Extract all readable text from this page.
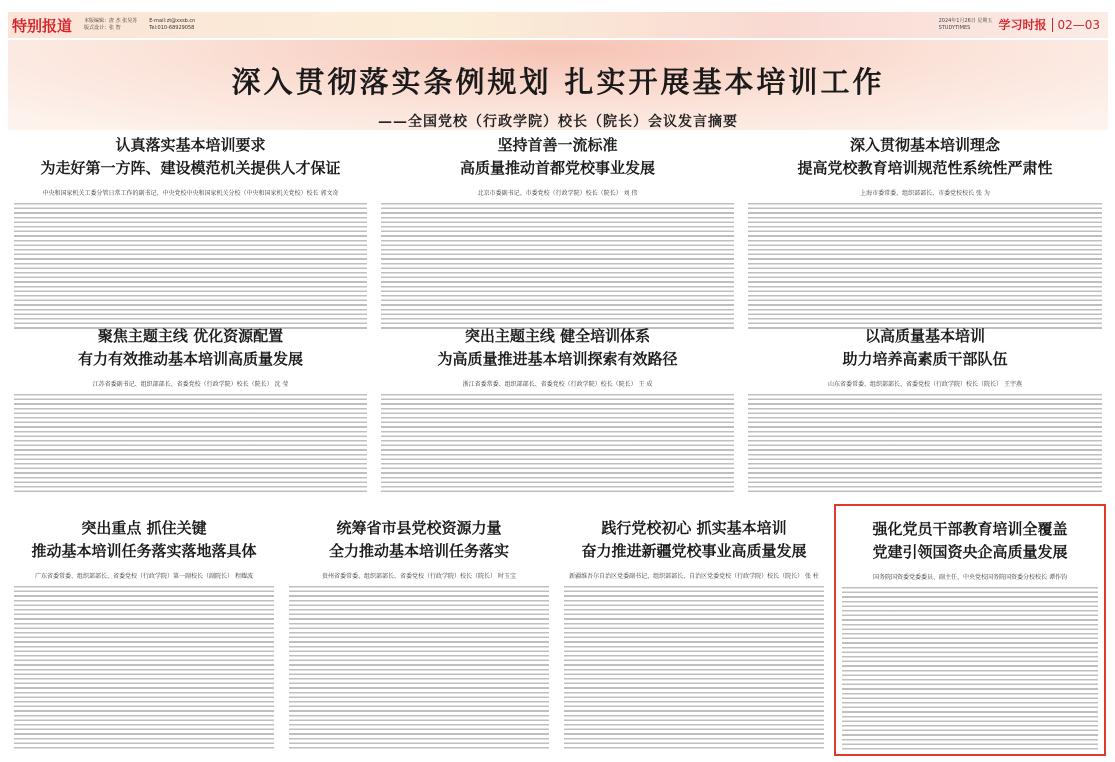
特别报道 本版编辑：唐 杰 张昊苏
版式设计：张 智
E-mail:zt@xxsb.cn
Tel:010-68929058
2024年1月26日 星期五
STUDYTIMES	学习时报 02—03
深入贯彻落实条例规划 扎实开展基本培训工作
——全国党校（行政学院）校长（院长）会议发言摘要
认真落实基本培训要求
为走好第一方阵、建设模范机关提供人才保证
中央和国家机关工委分管日常工作的副书记、中央党校中央和国家机关分校（中央和国家机关党校）校长 郭文奇
坚持首善一流标准
高质量推动首都党校事业发展
北京市委副书记、市委党校（行政学院）校长（院长） 刘 伟
深入贯彻基本培训理念
提高党校教育培训规范性系统性严肃性
上海市委常委、组织部部长、市委党校校长 张 为
聚焦主题主线 优化资源配置
有力有效推动基本培训高质量发展
江苏省委副书记、组织部部长、省委党校（行政学院）校长（院长） 沈 莹
突出主题主线 健全培训体系
为高质量推进基本培训探索有效路径
浙江省委常委、组织部部长、省委党校（行政学院）校长（院长） 王 成
以高质量基本培训
助力培养高素质干部队伍
山东省委常委、组织部部长、省委党校（行政学院）校长（院长） 王宇燕
突出重点 抓住关键
推动基本培训任务落实落地落具体
广东省委常委、组织部部长、省委党校（行政学院）第一副校长（副院长） 程耀波
统筹省市县党校资源力量
全力推动基本培训任务落实
贵州省委常委、组织部部长、省委党校（行政学院）校长（院长） 时玉宝
践行党校初心 抓实基本培训
奋力推进新疆党校事业高质量发展
新疆维吾尔自治区党委副书记、组织部部长、自治区党委党校（行政学院）校长（院长） 张 柱
强化党员干部教育培训全覆盖
党建引领国资央企高质量发展
国务院国资委党委委员、副主任、中央党校国务院国资委分校校长 谭作钧
